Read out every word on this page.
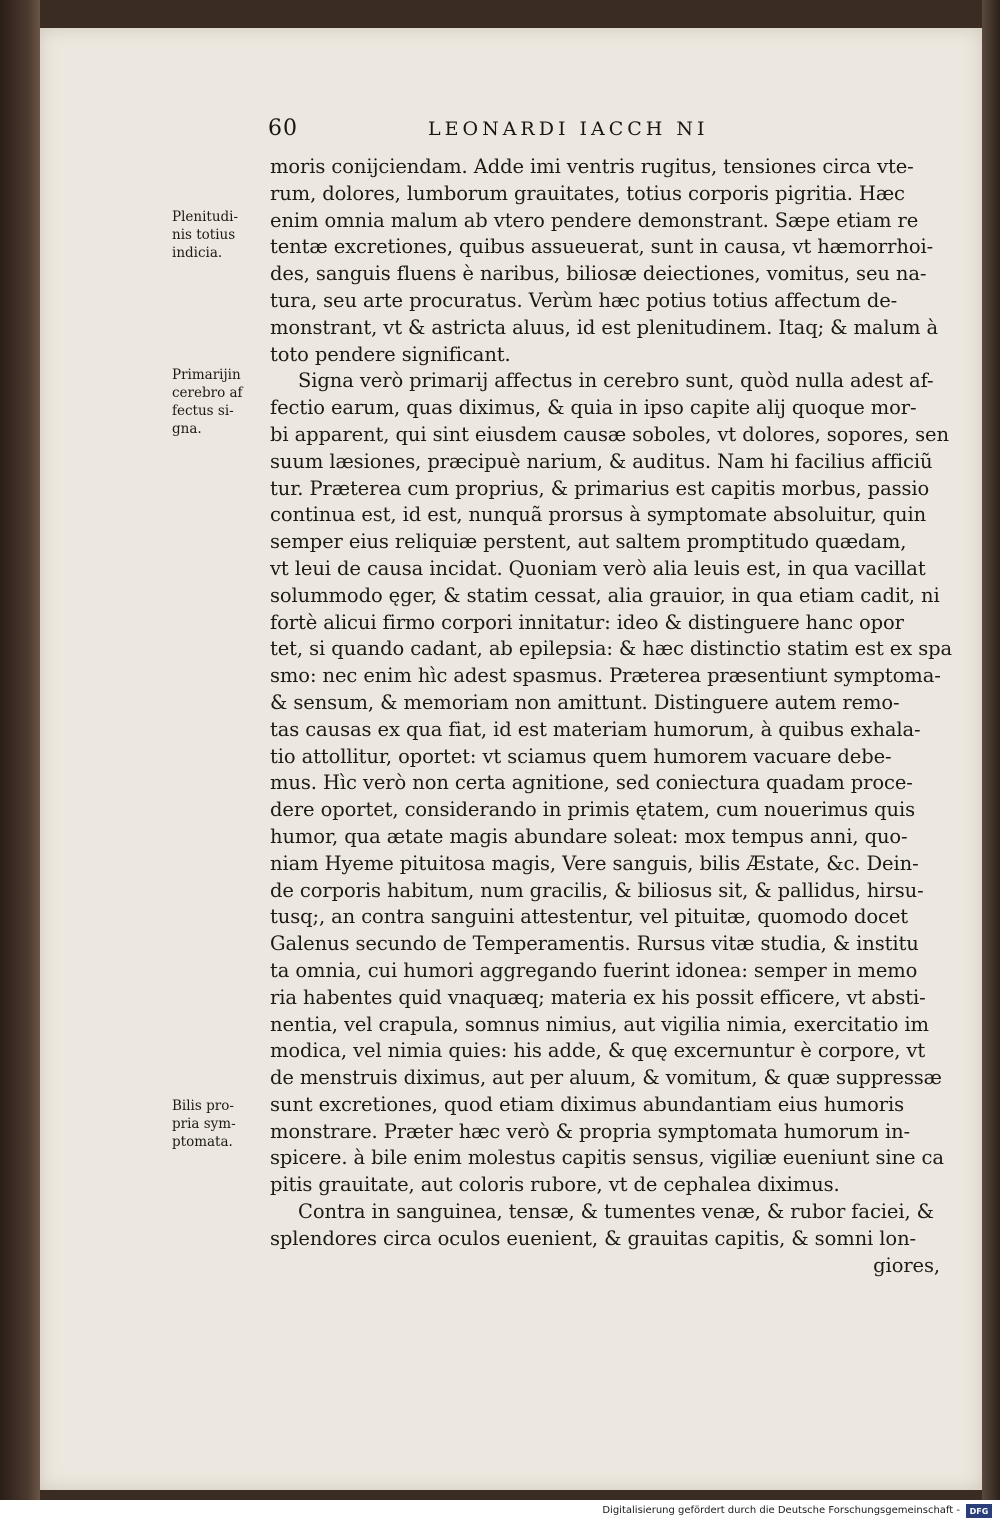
60	LEONARDI IACCH NI
Plenitudi-
nis totius
indicia.
Primarijin
cerebro af
fectus si-
gna.
Bilis pro-
pria sym-
ptomata.
moris conijciendam. Adde imi ventris rugitus, tensiones circa vte-
rum, dolores, lumborum grauitates, totius corporis pigritia. Hæc
enim omnia malum ab vtero pendere demonstrant. Sæpe etiam re
tentæ excretiones, quibus assueuerat, sunt in causa, vt hæmorrhoi-
des, sanguis fluens è naribus, biliosæ deiectiones, vomitus, seu na-
tura, seu arte procuratus. Verùm hæc potius totius affectum de-
monstrant, vt & astricta aluus, id est plenitudinem. Itaq; & malum à
toto pendere significant.
Signa verò primarij affectus in cerebro sunt, quòd nulla adest af-
fectio earum, quas diximus, & quia in ipso capite alij quoque mor-
bi apparent, qui sint eiusdem causæ soboles, vt dolores, sopores, sen
suum læsiones, præcipuè narium, & auditus. Nam hi facilius afficiũ
tur. Præterea cum proprius, & primarius est capitis morbus, passio
continua est, id est, nunquã prorsus à symptomate absoluitur, quin
semper eius reliquiæ perstent, aut saltem promptitudo quædam,
vt leui de causa incidat. Quoniam verò alia leuis est, in qua vacillat
solummodo ęger, & statim cessat, alia grauior, in qua etiam cadit, ni
fortè alicui firmo corpori innitatur: ideo & distinguere hanc opor
tet, si quando cadant, ab epilepsia: & hæc distinctio statim est ex spa
smo: nec enim hìc adest spasmus. Præterea præsentiunt symptoma-
& sensum, & memoriam non amittunt. Distinguere autem remo-
tas causas ex qua fiat, id est materiam humorum, à quibus exhala-
tio attollitur, oportet: vt sciamus quem humorem vacuare debe-
mus. Hìc verò non certa agnitione, sed coniectura quadam proce-
dere oportet, considerando in primis ętatem, cum nouerimus quis
humor, qua ætate magis abundare soleat: mox tempus anni, quo-
niam Hyeme pituitosa magis, Vere sanguis, bilis Æstate, &c. Dein-
de corporis habitum, num gracilis, & biliosus sit, & pallidus, hirsu-
tusq;, an contra sanguini attestentur, vel pituitæ, quomodo docet
Galenus secundo de Temperamentis. Rursus vitæ studia, & institu
ta omnia, cui humori aggregando fuerint idonea: semper in memo
ria habentes quid vnaquæq; materia ex his possit efficere, vt absti-
nentia, vel crapula, somnus nimius, aut vigilia nimia, exercitatio im
modica, vel nimia quies: his adde, & quę excernuntur è corpore, vt
de menstruis diximus, aut per aluum, & vomitum, & quæ suppressæ
sunt excretiones, quod etiam diximus abundantiam eius humoris
monstrare. Præter hæc verò & propria symptomata humorum in-
spicere. à bile enim molestus capitis sensus, vigiliæ eueniunt sine ca
pitis grauitate, aut coloris rubore, vt de cephalea diximus.
Contra in sanguinea, tensæ, & tumentes venæ, & rubor faciei, &
splendores circa oculos euenient, & grauitas capitis, & somni lon-
giores,
Digitalisierung gefördert durch die Deutsche Forschungsgemeinschaft -	DFG
